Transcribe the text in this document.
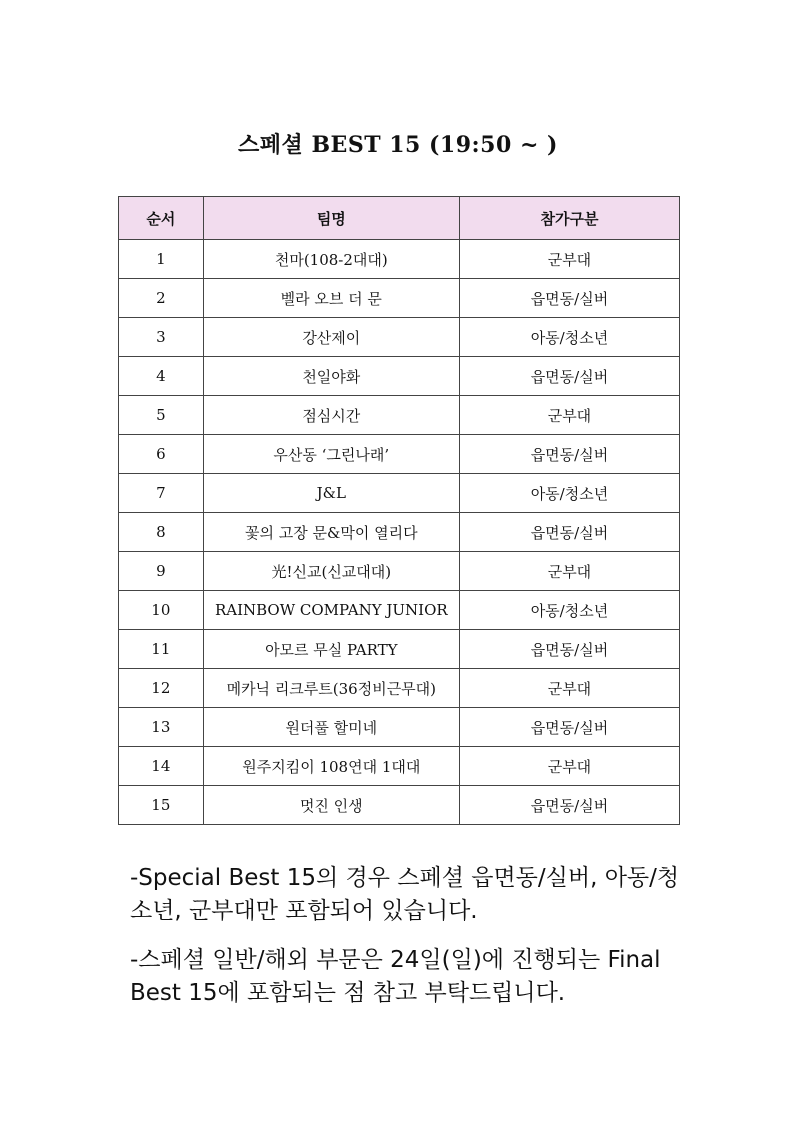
스페셜 BEST 15 (19:50 ~ )
순서	팀명	참가구분
1	천마(108-2대대)	군부대
2	벨라 오브 더 문	읍면동/실버
3	강산제이	아동/청소년
4	천일야화	읍면동/실버
5	점심시간	군부대
6	우산동 ‘그린나래’	읍면동/실버
7	J&L	아동/청소년
8	꽃의 고장 문&막이 열리다	읍면동/실버
9	光!신교(신교대대)	군부대
10	RAINBOW COMPANY JUNIOR	아동/청소년
11	아모르 무실 PARTY	읍면동/실버
12	메카닉 리크루트(36정비근무대)	군부대
13	원더풀 할미네	읍면동/실버
14	원주지킴이 108연대 1대대	군부대
15	멋진 인생	읍면동/실버

-Special Best 15의 경우 스페셜 읍면동/실버, 아동/청소년, 군부대만 포함되어 있습니다.

-스페셜 일반/해외 부문은 24일(일)에 진행되는 Final Best 15에 포함되는 점 참고 부탁드립니다.
